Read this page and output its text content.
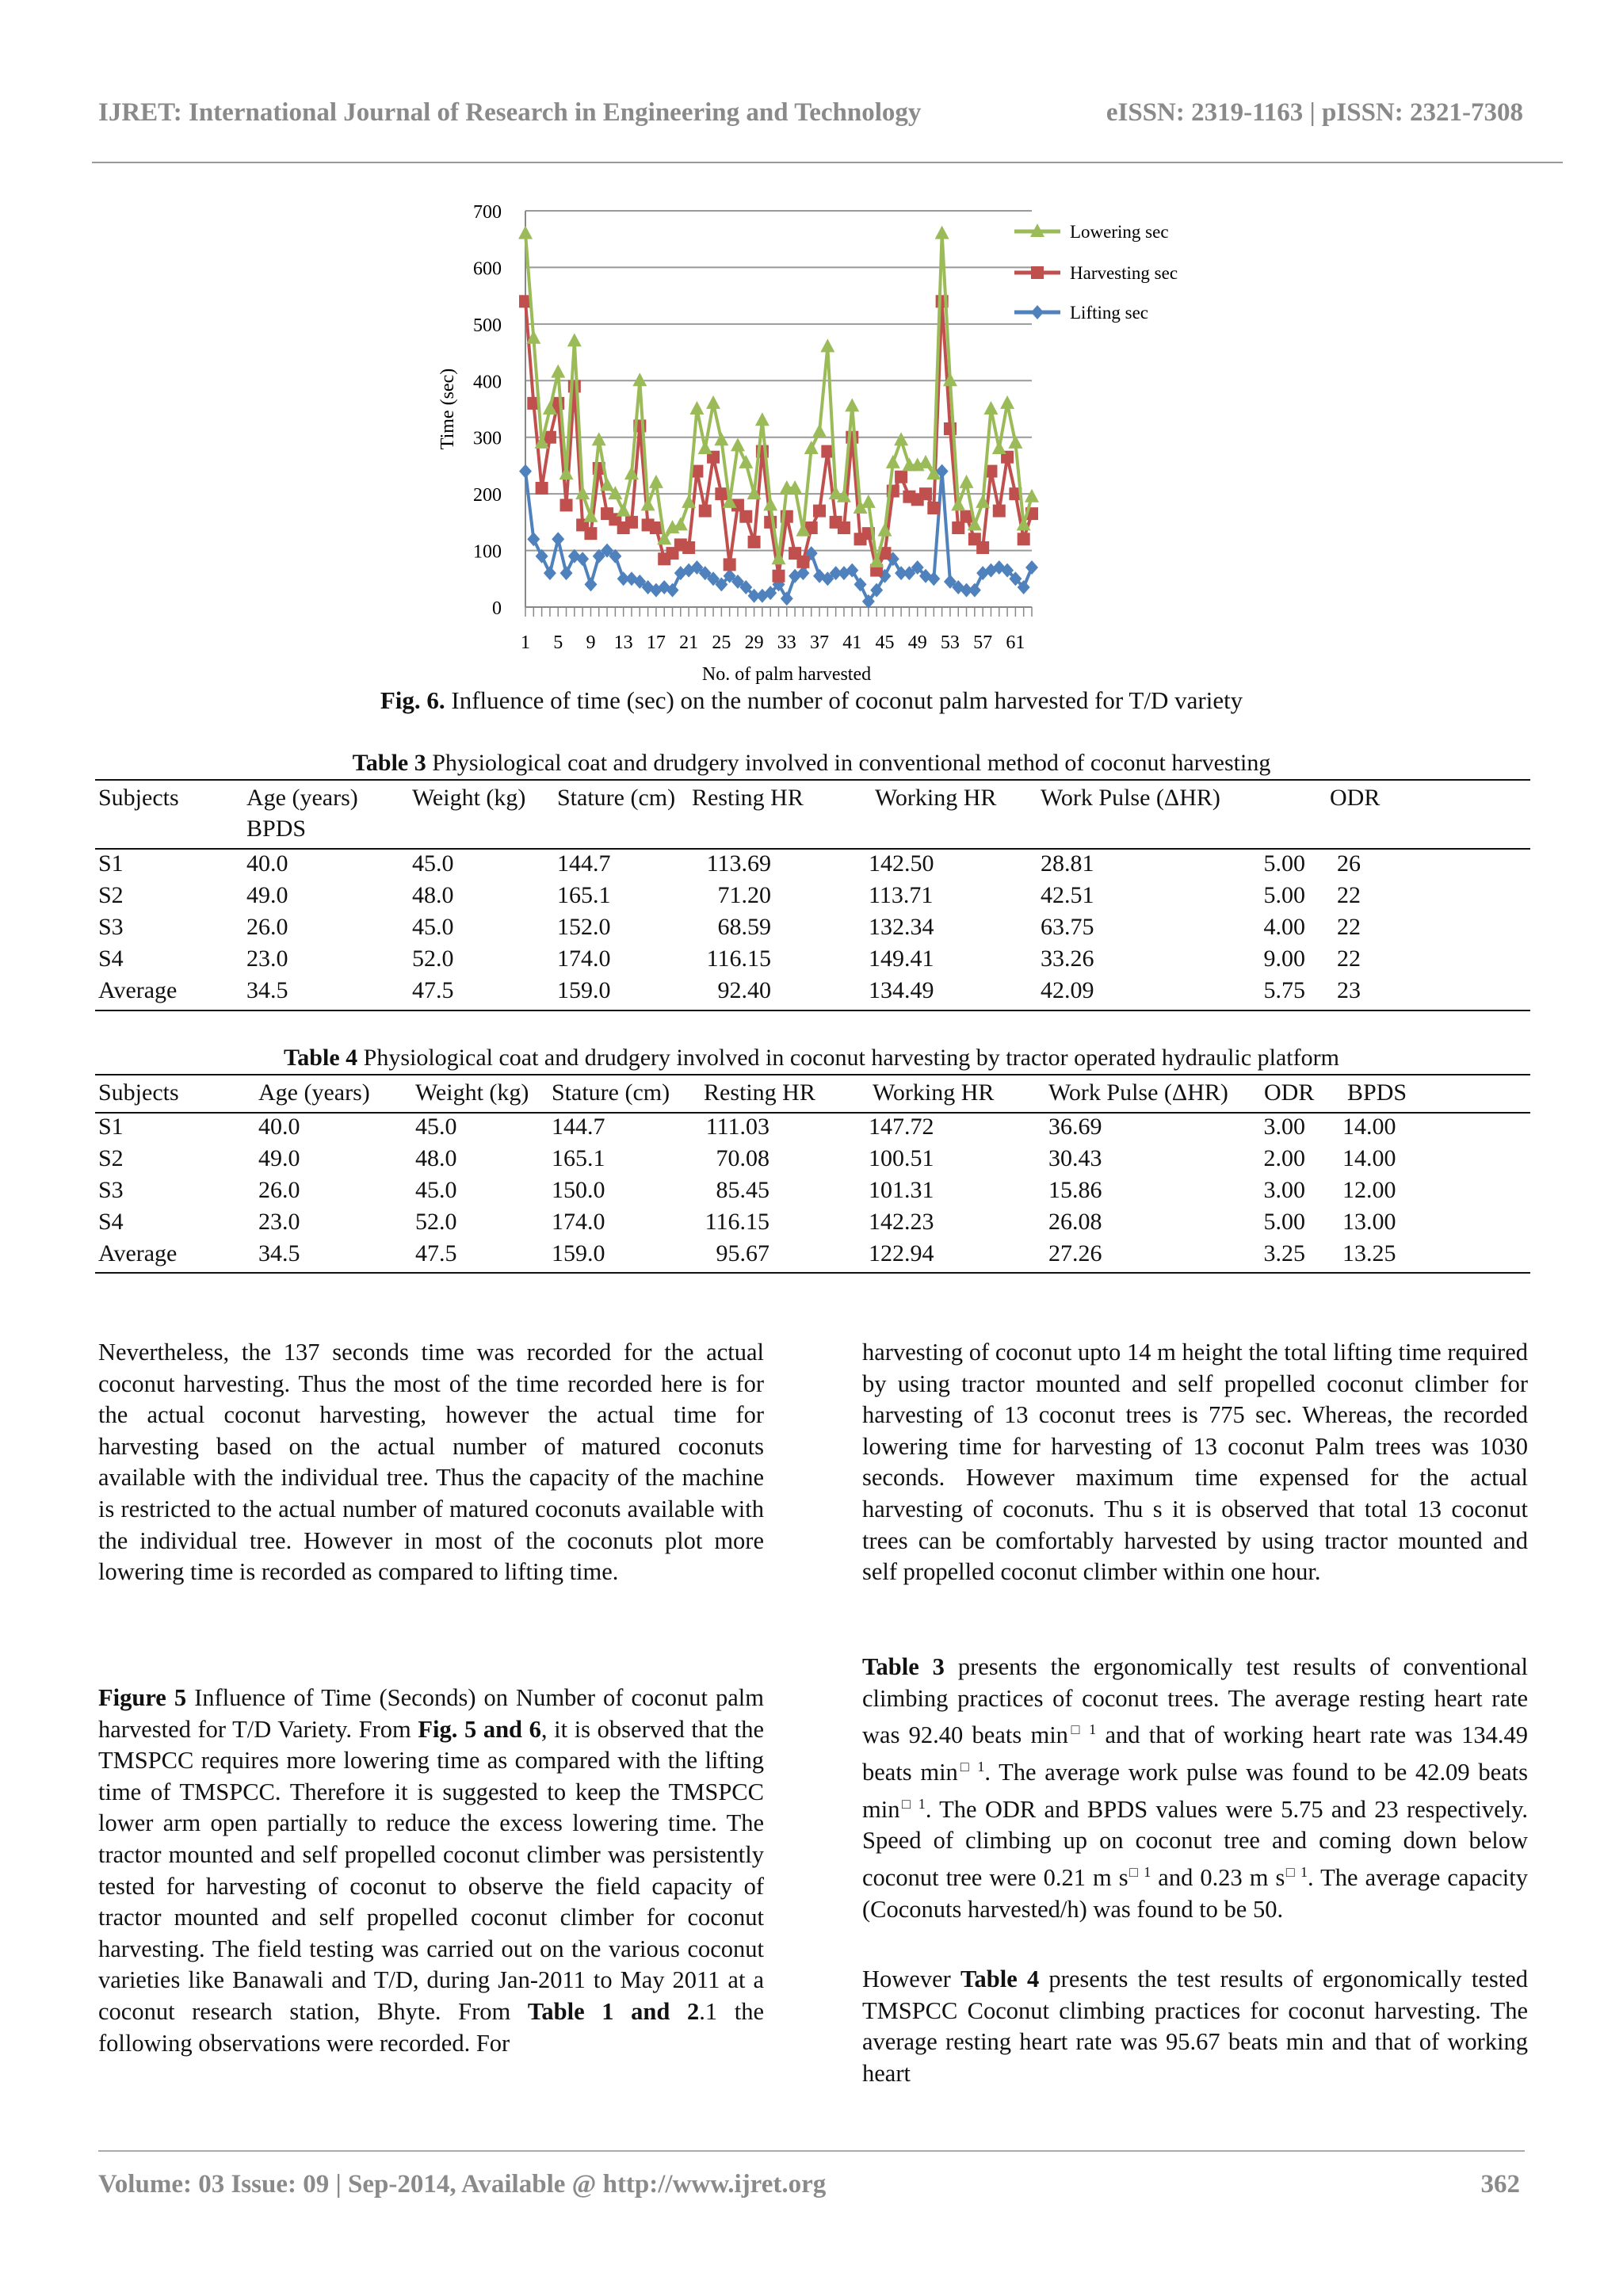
IJRET: International Journal of Research in Engineering and Technology	eISSN: 2319-1163 | pISSN: 2321-7308
0
100
200
300
400
500
600
700
1 5 9 13 17 21 25 29 33 37 41 45 49 53 57 61
No. of palm harvested
Time (sec)
Lowering sec
Harvesting sec
Lifting sec
Fig. 6. Influence of time (sec) on the number of coconut palm harvested for T/D variety
Table 3 Physiological coat and drudgery involved in conventional method of coconut harvesting
Subjects	Age (years) Weight (kg) Stature (cm) Resting HR	Working HR Work Pulse (ΔHR)	ODR
BPDS
S1	40.0	45.0	144.7	113.69	142.50	28.81	5.00 26
S2	49.0	48.0	165.1	71.20	113.71	42.51	5.00 22
S3	26.0	45.0	152.0	68.59	132.34	63.75	4.00 22
S4	23.0	52.0	174.0	116.15	149.41	33.26	9.00 22
Average	34.5	47.5	159.0	92.40	134.49	42.09	5.75 23
Table 4 Physiological coat and drudgery involved in coconut harvesting by tractor operated hydraulic platform
Subjects	Age (years) Weight (kg) Stature (cm) Resting HR Working HR Work Pulse (ΔHR) ODR BPDS
S1	40.0	45.0	144.7	111.03	147.72	36.69	3.00 14.00
S2	49.0	48.0	165.1	70.08	100.51	30.43	2.00 14.00
S3	26.0	45.0	150.0	85.45	101.31	15.86	3.00 12.00
S4	23.0	52.0	174.0	116.15	142.23	26.08	5.00 13.00
Average	34.5	47.5	159.0	95.67	122.94	27.26	3.25 13.25
Nevertheless, the 137 seconds time was recorded for the actual coconut harvesting. Thus the most of the time recorded here is for the actual coconut harvesting, however the actual time for harvesting based on the actual number of matured coconuts available with the individual tree. Thus the capacity of the machine is restricted to the actual number of matured coconuts available with the individual tree. However in most of the coconuts plot more lowering time is recorded as compared to lifting time.
Figure 5 Influence of Time (Seconds) on Number of coconut palm harvested for T/D Variety. From Fig. 5 and 6, it is observed that the TMSPCC requires more lowering time as compared with the lifting time of TMSPCC. Therefore it is suggested to keep the TMSPCC lower arm open partially to reduce the excess lowering time. The tractor mounted and self propelled coconut climber was persistently tested for harvesting of coconut to observe the field capacity of tractor mounted and self propelled coconut climber for coconut harvesting. The field testing was carried out on the various coconut varieties like Banawali and T/D, during Jan-2011 to May 2011 at a coconut research station, Bhyte. From Table 1 and 2.1 the following observations were recorded. For
harvesting of coconut upto 14 m height the total lifting time required by using tractor mounted and self propelled coconut climber for harvesting of 13 coconut trees is 775 sec. Whereas, the recorded lowering time for harvesting of 13 coconut Palm trees was 1030 seconds. However maximum time expensed for the actual harvesting of coconuts. Thu s it is observed that total 13 coconut trees can be comfortably harvested by using tractor mounted and self propelled coconut climber within one hour.
Table 3 presents the ergonomically test results of conventional climbing practices of coconut trees. The average resting heart rate was 92.40 beats $\min^{□ 1}$ and that of working heart rate was 134.49 beats $\min^{□ 1}$. The average work pulse was found to be 42.09 beats $\min^{□ 1}$. The ODR and BPDS values were 5.75 and 23 respectively. Speed of climbing up on coconut tree and coming down below coconut tree were 0.21 m $s^{□ 1}$ and 0.23 m $s^{□ 1}$. The average capacity (Coconuts harvested/h) was found to be 50.
However Table 4 presents the test results of ergonomically tested TMSPCC Coconut climbing practices for coconut harvesting. The average resting heart rate was 95.67 beats min and that of working heart
Volume: 03 Issue: 09 | Sep-2014, Available @ http://www.ijret.org	362
